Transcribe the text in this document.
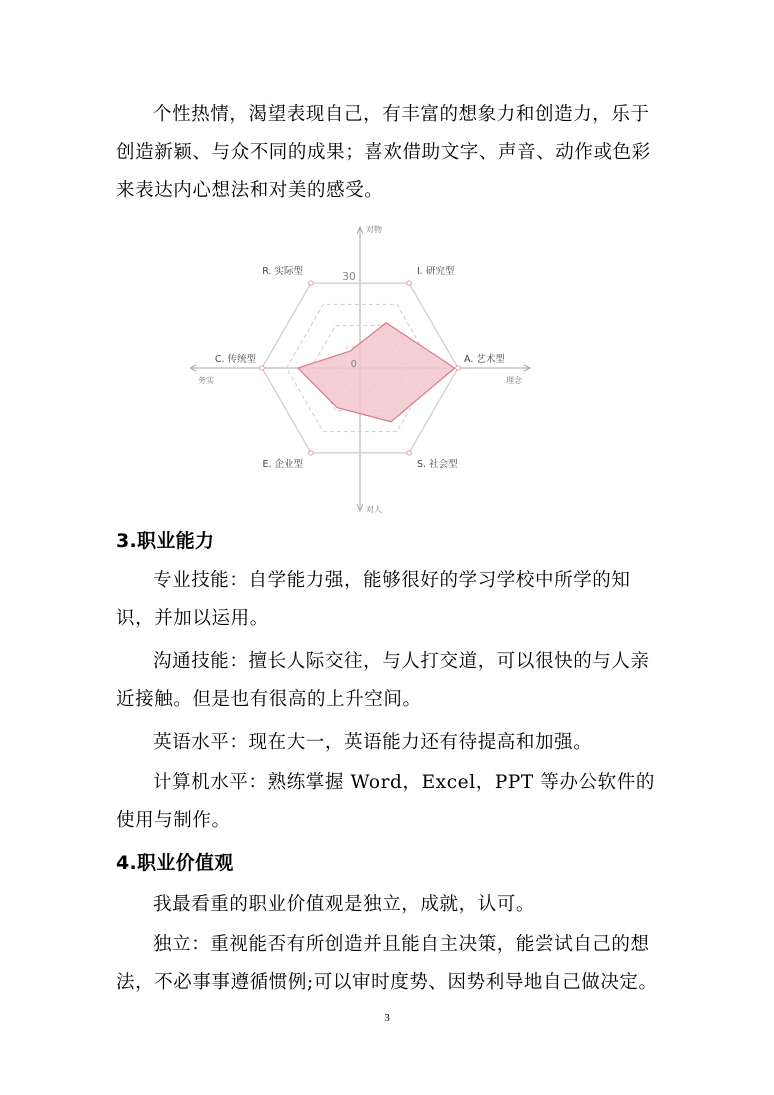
个性热情，渴望表现自己，有丰富的想象力和创造力，乐于创造新颖、与众不同的成果；喜欢借助文字、声音、动作或色彩来表达内心想法和对美的感受。

I. 研究型
A. 艺术型
S. 社会型
E. 企业型
C. 传统型
R. 实际型	30
0
对物
对人
务实	理念
3.职业能力

专业技能：自学能力强，能够很好的学习学校中所学的知识，并加以运用。

沟通技能：擅长人际交往，与人打交道，可以很快的与人亲近接触。但是也有很高的上升空间。

英语水平：现在大一，英语能力还有待提高和加强。

计算机水平：熟练掌握 Word，Excel，PPT 等办公软件的使用与制作。

4.职业价值观

我最看重的职业价值观是独立，成就，认可。

独立：重视能否有所创造并且能自主决策，能尝试自己的想法，不必事事遵循惯例;可以审时度势、因势利导地自己做决定。

3
